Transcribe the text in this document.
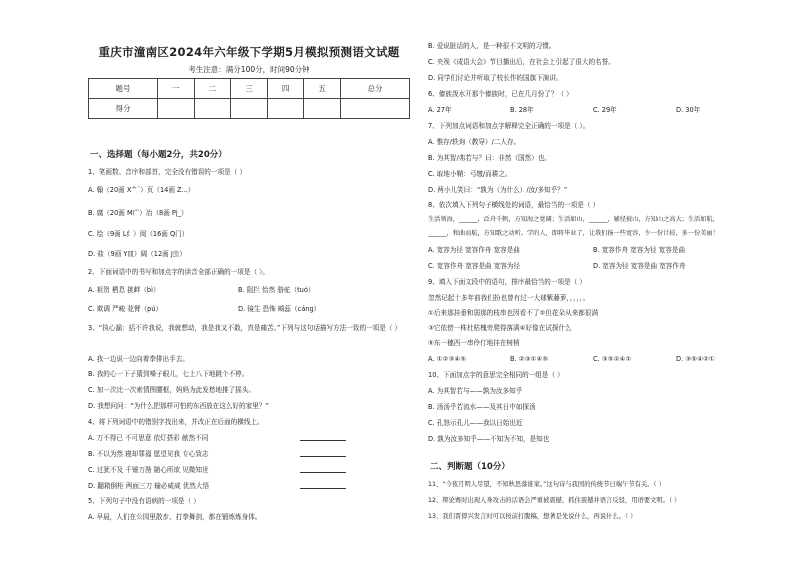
重庆市潼南区2024年六年级下学期5月模拟预测语文试题
考生注意：满分100分，时间90分钟
题号	一	二	三	四	五	总分
得分						
一、选择题（每小题2分，共20分）
1、笔画数、音序和部首，完全没有错误的一项是（ ）
A. 翰（20画 X^¨）页（14画 Z...）
B. 腐（20画 M广）冶（8画 Pj_）
C. 绘（9画 L纟）阅（16画 Q门）
D. 盐（9画 Y皿）阔（12画 J虫）
2、下面词语中的书写和加点字的读音全部正确的一项是（ ）。
A. 祖贺 栖息 挑衅（bì）	B. 阻拦 怡然 骆驼（tuó）
C. 欺调 严峻 花臂（pú）	D. 镜生 恐怖 畸蕊（cáng）
3、“执心漏：括不许我说，我就想动，我是我又不敢，真是痛苦。”下列与这句话描写方法一致的一项是（ ）
A. 我一边说一边向着拳排出手去。
B. 我的心一下子猜到嗓子眼儿，七上八下地跳个不停。
C. 加一次比一次索情图腰框，妈妈为此发愁地推了摇头。
D. 我想问问：“为什么把那样可怕的东西放在这么好的家里？”
4、将下列词语中的错别字找出来，并改正在后面的横线上。
A. 万不得已 不可思意 依灯搭彩 献然不同
B. 不以为然 寝却罪福 愿望见我 专心致志
C. 过犹不及 千锤万凿 随心所欲 见微知世
D. 翻箱倒柜 两面三刀 输必威威 优然大悟
5、下列句子中没有语病的一项是（ ）
A. 早晨，人们在公园里散步、打拳舞剑，都在锻炼炼身体。
B. 爱说脏话的人，是一种很不文明的习惯。
C. 央视《成语大会》节目播出后，在社会上引起了很大的名誉。
D. 同学们讨论并听取了校长作的国旗下演讲。
6、傣族泼水开那个傣族时，已在几月份了？（ ）
A. 27年	B. 28年	C. 29年	D. 30年
7、下列加点词语和加点字解释完全正确的一项是（ ）。
A. 惟存/轶询（教导）/二人存。
B. 为其智/弗若与？曰：非然（国然）也。
C. 取地小鞘：弓缴/而耕之。
D. 两小儿笑曰：“孰为（为什么）/汝/多知乎？”
8、依次填入下列句子横线处的词语，最恰当的一项是（ ）
生活领海，______，泛舟千帆，方知海之宽阔；生活如山，______，辅径披山，方知山之高大；生活如航，
______，和曲而航，方知歌之动听。学的人，即将毕业了，让我们扬一些宽容，少一份计较，多一份美丽！
A. 宽容为径 宽容作舟 宽容是曲	B. 宽容作舟 宽容为径 宽容是曲
C. 宽容作舟 宽容是曲 宽容为径	D. 宽容为径 宽容是曲 宽容作舟
9、填入下面文段中的语句，排序最恰当的一项是（ ）
忽然记起十多年前我们扮也曾有过一大球紫藤萝，，，，，。
①后来那挂垂和弱那的枝串也因看不了②但花朵从来都很满
③它依傍一株杜枯槐旁爬得落满④好像在试探什么
⑤东一穗西一串伶仃地挂在树梢
A. ①②③④⑤	B. ②③①④⑤	C. ③⑤②④①	D. ③⑤④②①
10、下面加点字的意思完全相同的一组是（ ）
A. 为其智若与——孰为汝多知乎
B. 汤汤乎若流水——及其日中如探汤
C. 孔怒示孔儿——我以日始出近
D. 孰为汝多知乎——不知为不知，是知也
二、判断题（10分）
11、“今夜月明人尽望，不知秋思落谁家。”这句诗与我国的传统节日端午节有关。（ ）
12、辩论赛时出现人身攻击的话语会严重被震撼，抓住震撼并语言反驳，用语要文明。（ ）
13、我们晋即兴发言时可以按前打腹稿，想著是先说什么，再说什么。（ ）
